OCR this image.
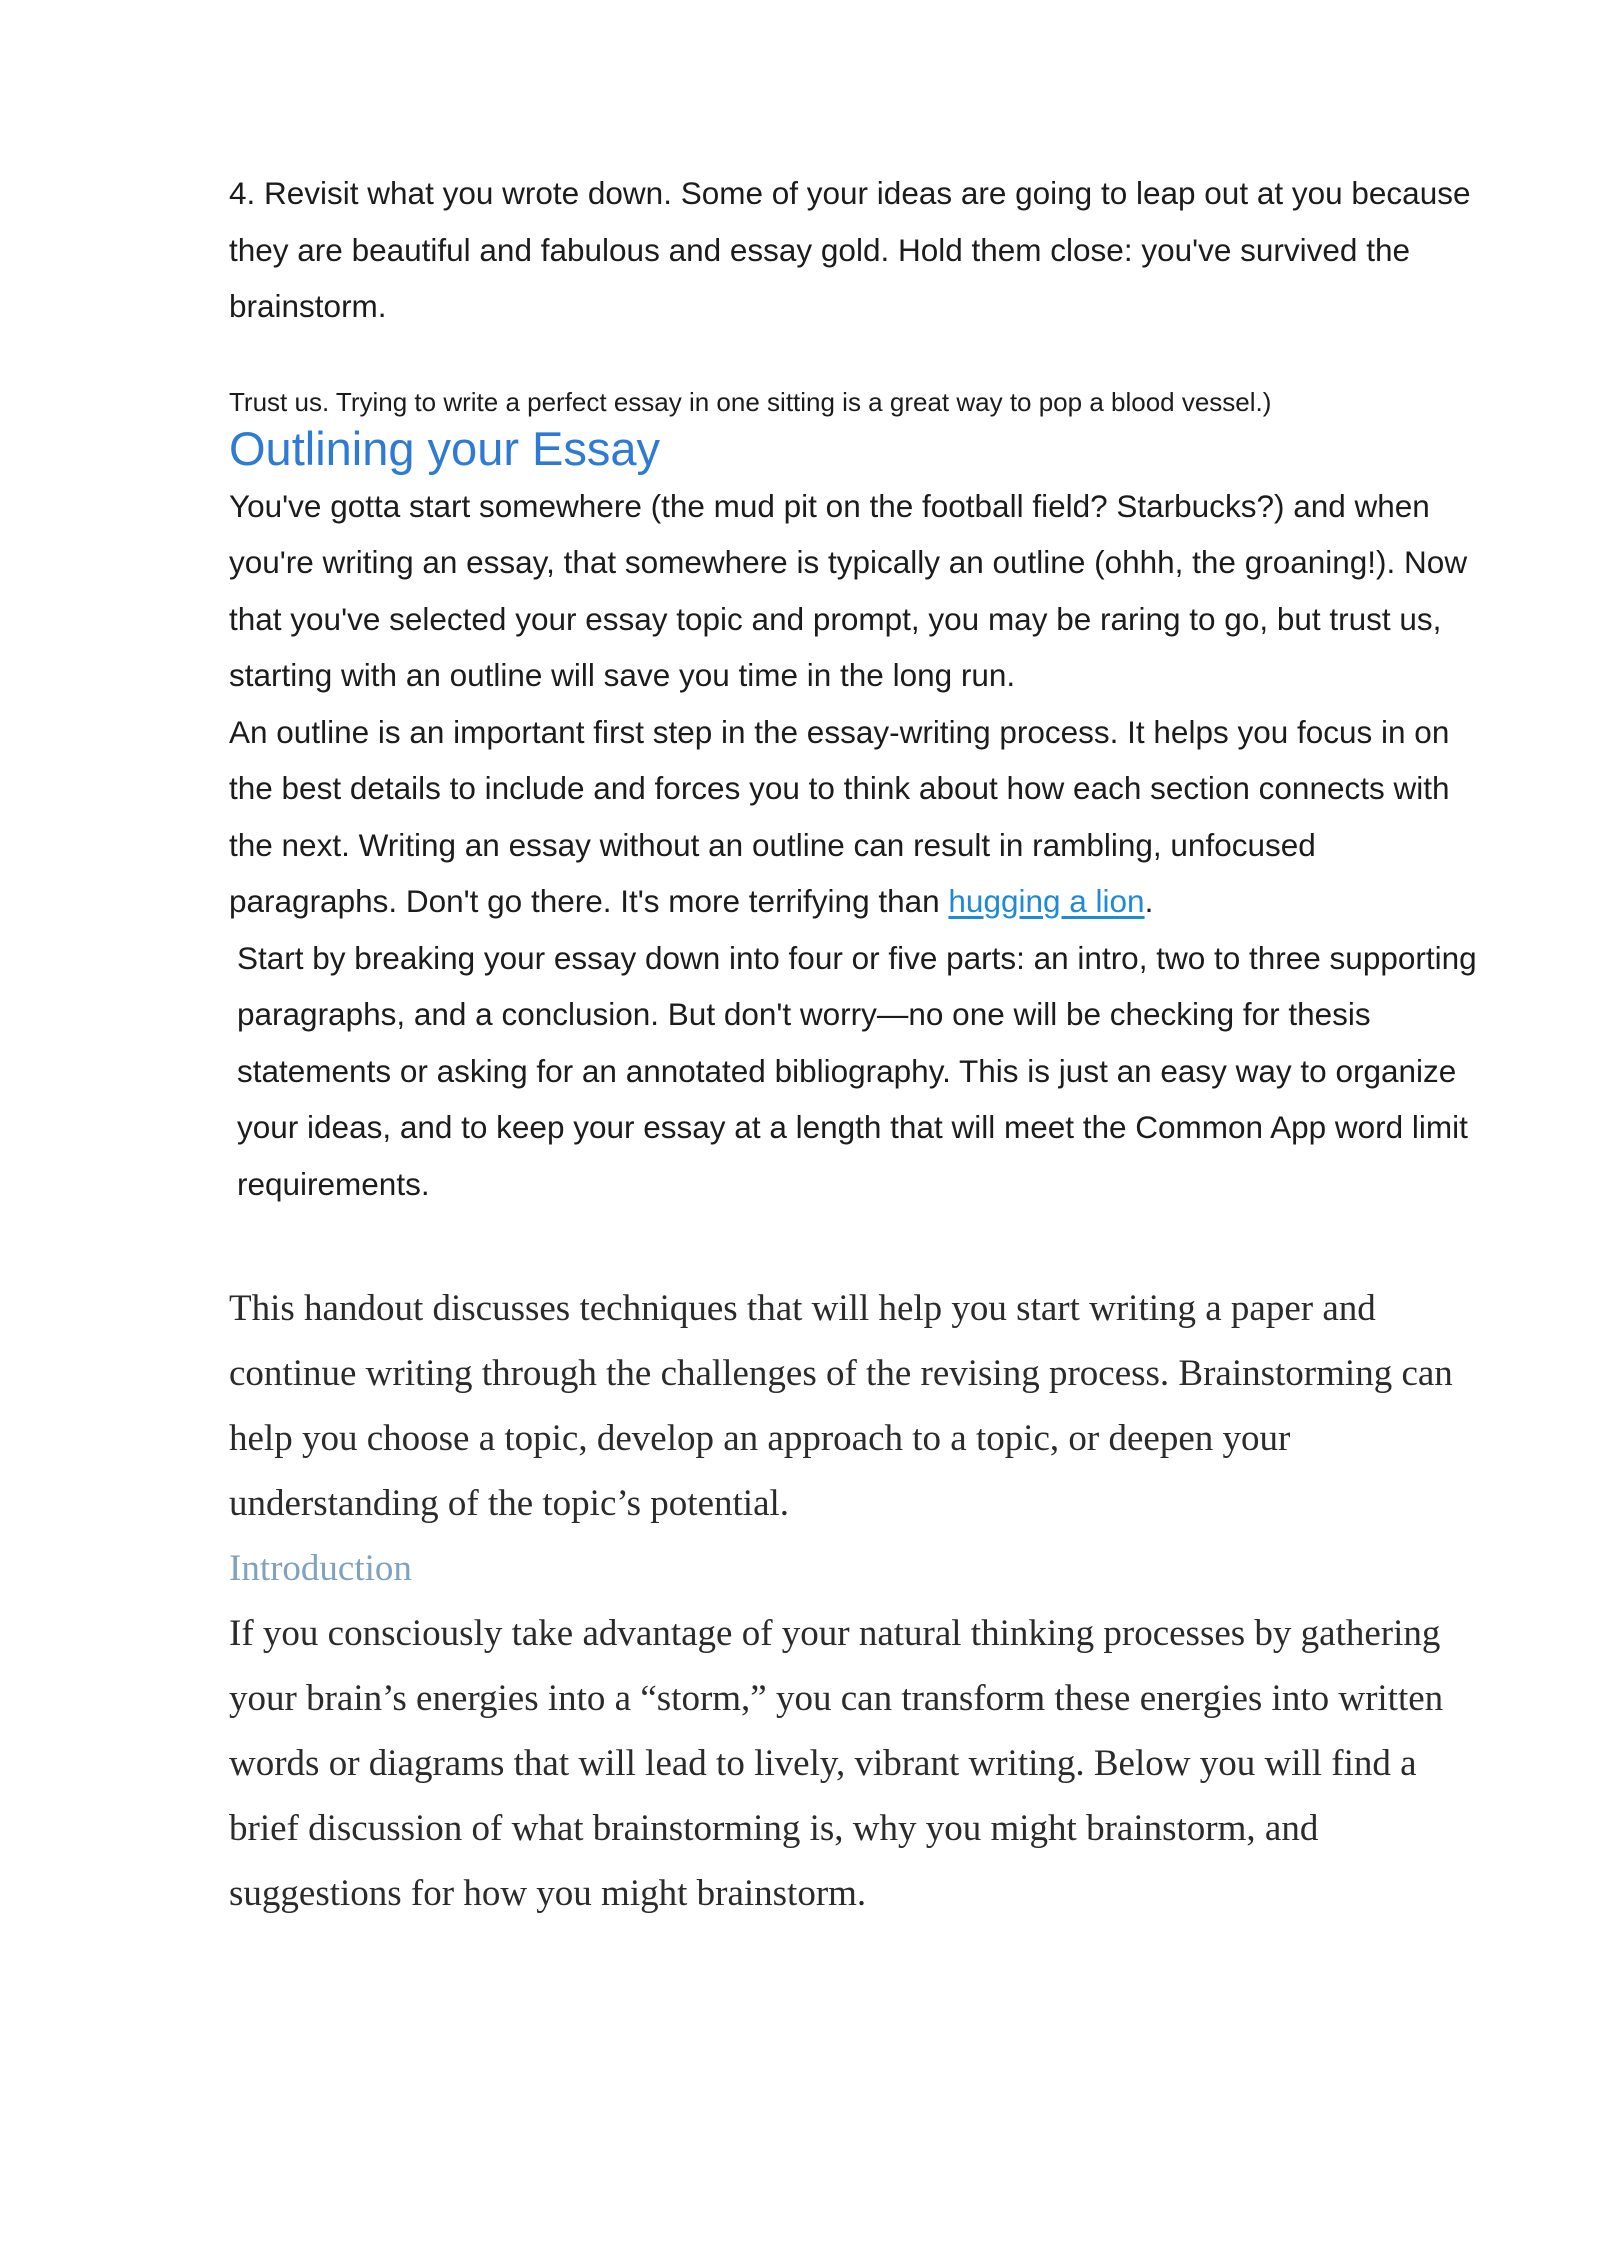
4. Revisit what you wrote down. Some of your ideas are going to leap out at you because they are beautiful and fabulous and essay gold. Hold them close: you've survived the brainstorm.

Trust us. Trying to write a perfect essay in one sitting is a great way to pop a blood vessel.)

Outlining your Essay

You've gotta start somewhere (the mud pit on the football field? Starbucks?) and when you're writing an essay, that somewhere is typically an outline (ohhh, the groaning!). Now that you've selected your essay topic and prompt, you may be raring to go, but trust us, starting with an outline will save you time in the long run.

An outline is an important first step in the essay-writing process. It helps you focus in on the best details to include and forces you to think about how each section connects with the next. Writing an essay without an outline can result in rambling, unfocused paragraphs. Don't go there. It's more terrifying than hugging a lion.

Start by breaking your essay down into four or five parts: an intro, two to three supporting paragraphs, and a conclusion. But don't worry—no one will be checking for thesis statements or asking for an annotated bibliography. This is just an easy way to organize your ideas, and to keep your essay at a length that will meet the Common App word limit requirements.

This handout discusses techniques that will help you start writing a paper and continue writing through the challenges of the revising process. Brainstorming can help you choose a topic, develop an approach to a topic, or deepen your understanding of the topic’s potential.

Introduction

If you consciously take advantage of your natural thinking processes by gathering your brain’s energies into a “storm,” you can transform these energies into written words or diagrams that will lead to lively, vibrant writing. Below you will find a brief discussion of what brainstorming is, why you might brainstorm, and suggestions for how you might brainstorm.
